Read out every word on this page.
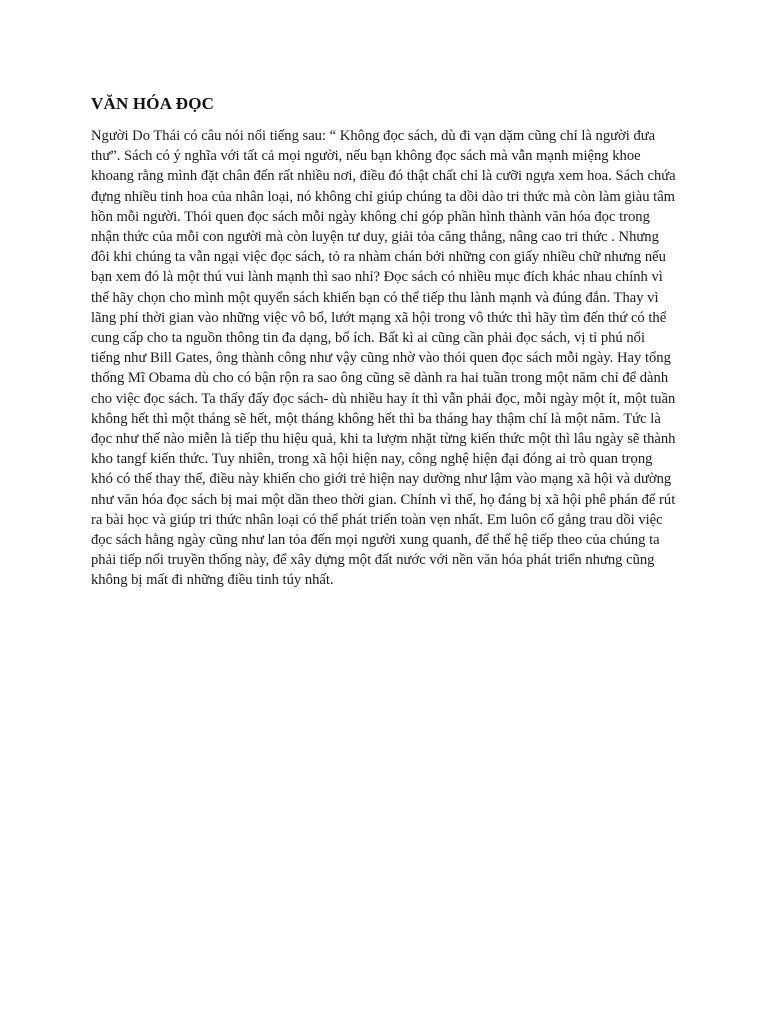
VĂN HÓA ĐỌC

Người Do Thái có câu nói nổi tiếng sau: “ Không đọc sách, dù đi vạn dặm cũng chỉ là người đưa thư”. Sách có ý nghĩa với tất cả mọi người, nếu bạn không đọc sách mà vẫn mạnh miệng khoe khoang rằng mình đặt chân đến rất nhiều nơi, điều đó thật chất chỉ là cưỡi ngựa xem hoa. Sách chứa đựng nhiều tinh hoa của nhân loại, nó không chỉ giúp chúng ta dồi dào tri thức mà còn làm giàu tâm hồn mỗi người. Thói quen đọc sách mỗi ngày không chỉ góp phần hình thành văn hóa đọc trong nhận thức của mỗi con người mà còn luyện tư duy, giải tỏa căng thẳng, nâng cao tri thức . Nhưng đôi khi chúng ta vẫn ngại việc đọc sách, tỏ ra nhàm chán bởi những con giấy nhiều chữ nhưng nếu bạn xem đó là một thú vui lành mạnh thì sao nhỉ? Đọc sách có nhiều mục đích khác nhau chính vì thế hãy chọn cho mình một quyển sách khiến bạn có thể tiếp thu lành mạnh và đúng đắn. Thay vì lãng phí thời gian vào những việc vô bổ, lướt mạng xã hội trong vô thức thì hãy tìm đến thứ có thể cung cấp cho ta nguồn thông tin đa dạng, bổ ích. Bất kì ai cũng cần phải đọc sách, vị tỉ phú nổi tiếng như Bill Gates, ông thành công như vậy cũng nhờ vào thói quen đọc sách mỗi ngày. Hay tổng thống Mĩ Obama dù cho có bận rộn ra sao ông cũng sẽ dành ra hai tuần trong một năm chỉ để dành cho việc đọc sách. Ta thấy đấy đọc sách- dù nhiều hay ít thì vẫn phải đọc, mỗi ngày một ít, một tuần không hết thì một tháng sẽ hết, một tháng không hết thì ba tháng hay thậm chí là một năm. Tức là đọc như thế nào miễn là tiếp thu hiệu quả, khi ta lượm nhặt từng kiến thức một thì lâu ngày sẽ thành kho tangf kiến thức. Tuy nhiên, trong xã hội hiện nay, công nghệ hiện đại đóng ai trò quan trọng khó có thể thay thế, điều này khiến cho giới trẻ hiện nay dường như lậm vào mạng xã hội và dường như văn hóa đọc sách bị mai một dần theo thời gian. Chính vì thế, họ đáng bị xã hội phê phán để rút ra bài học và giúp tri thức nhân loại có thể phát triển toàn vẹn nhất. Em luôn cố gắng trau dồi việc đọc sách hằng ngày cũng như lan tỏa đến mọi người xung quanh, để thế hệ tiếp theo của chúng ta phải tiếp nối truyền thống này, để xây dựng một đất nước với nền văn hóa phát triển nhưng cũng không bị mất đi những điều tinh túy nhất.
